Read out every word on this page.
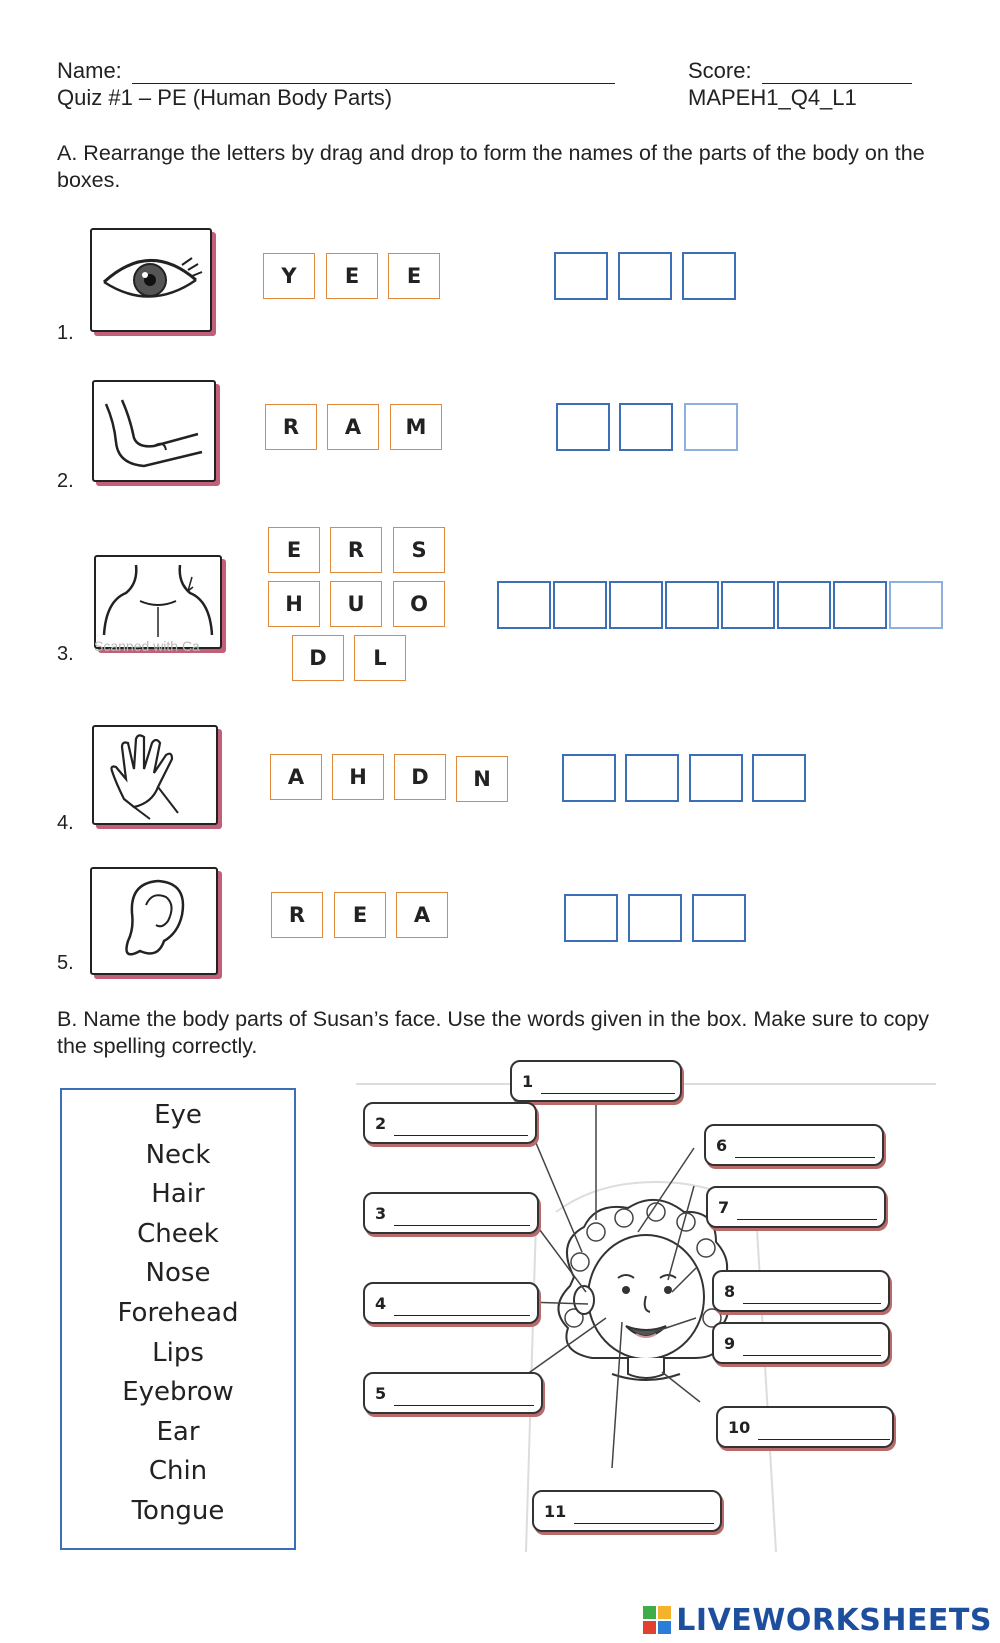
Name:	Score:
Quiz #1 – PE (Human Body Parts)	MAPEH1_Q4_L1
A. Rearrange the letters by drag and drop to form the names of the parts of the body on the boxes.
1.
Y	E	E
2.
R	A	M
3. Scanned with Ca
E	R	S
H	U	O
D	L
4.
A	H	D	N
5.
R	E	A
B. Name the body parts of Susan’s face. Use the words given in the box. Make sure to copy the spelling correctly.
Eye
Neck
Hair
Cheek
Nose
Forehead
Lips
Eyebrow
Ear
Chin
Tongue
1
2
3
4
5
6
7
8
9
10
11
LIVEWORKSHEETS
